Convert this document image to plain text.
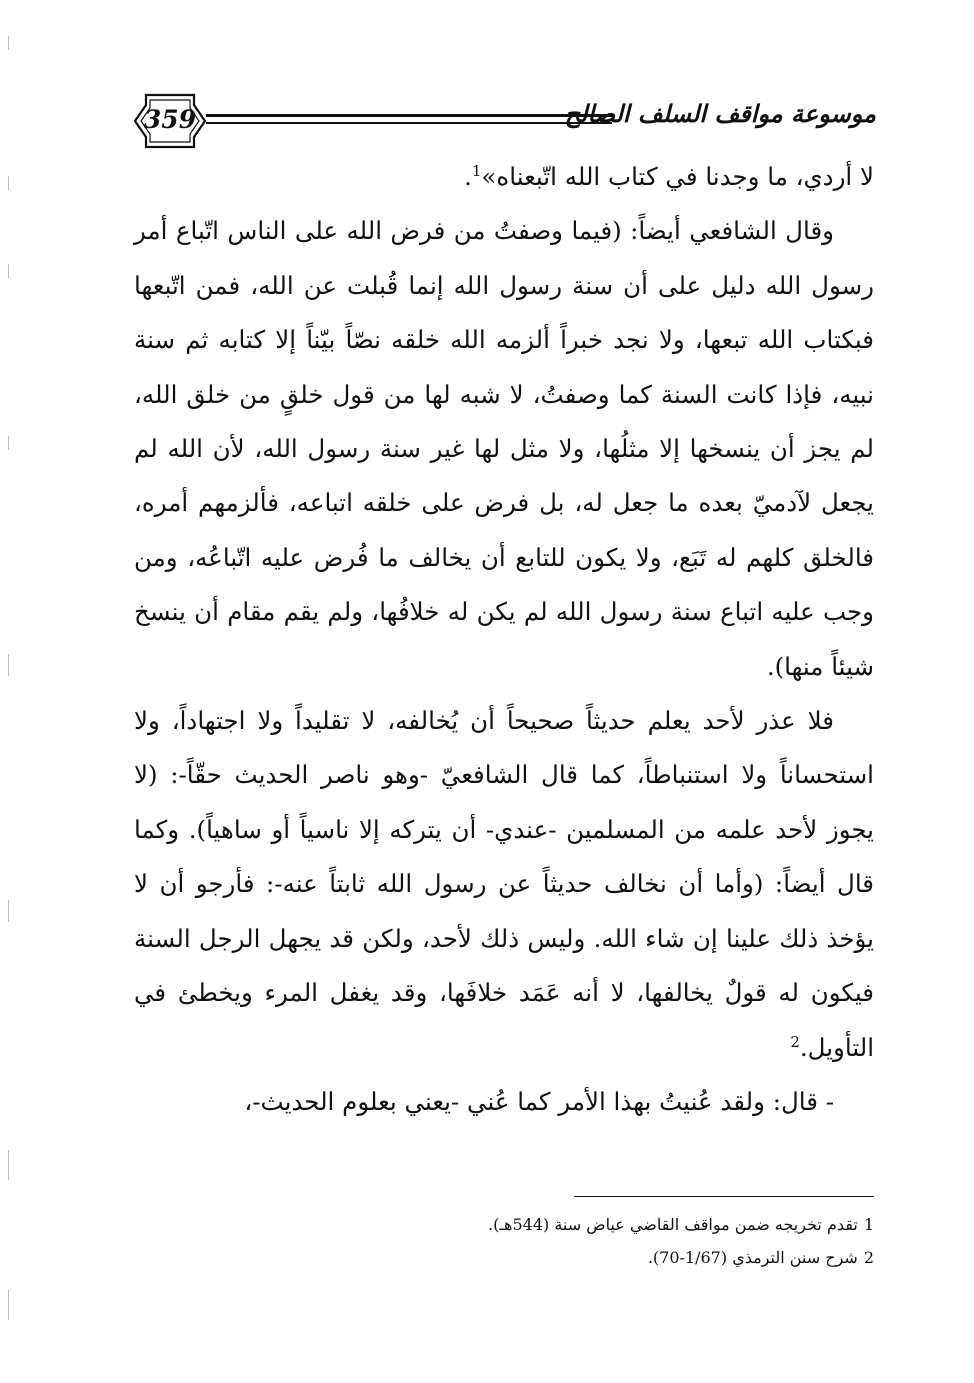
359	موسوعة مواقف السلف الصالح

لا أردي، ما وجدنا في كتاب الله اتّبعناه»$^1$.

وقال الشافعي أيضاً: (فيما وصفتُ من فرض الله على الناس اتّباع أمر رسول الله دليل على أن سنة رسول الله إنما قُبلت عن الله، فمن اتّبعها فبكتاب الله تبعها، ولا نجد خبراً ألزمه الله خلقه نصّاً بيّناً إلا كتابه ثم سنة نبيه، فإذا كانت السنة كما وصفتُ، لا شبه لها من قول خلقٍ من خلق الله، لم يجز أن ينسخها إلا مثلُها، ولا مثل لها غير سنة رسول الله، لأن الله لم يجعل لآدميّ بعده ما جعل له، بل فرض على خلقه اتباعه، فألزمهم أمره، فالخلق كلهم له تَبَع، ولا يكون للتابع أن يخالف ما فُرض عليه اتّباعُه، ومن وجب عليه اتباع سنة رسول الله لم يكن له خلافُها، ولم يقم مقام أن ينسخ شيئاً منها).

فلا عذر لأحد يعلم حديثاً صحيحاً أن يُخالفه، لا تقليداً ولا اجتهاداً، ولا استحساناً ولا استنباطاً، كما قال الشافعيّ -وهو ناصر الحديث حقّاً-: (لا يجوز لأحد علمه من المسلمين -عندي- أن يتركه إلا ناسياً أو ساهياً). وكما قال أيضاً: (وأما أن نخالف حديثاً عن رسول الله ثابتاً عنه-: فأرجو أن لا يؤخذ ذلك علينا إن شاء الله. وليس ذلك لأحد، ولكن قد يجهل الرجل السنة فيكون له قولٌ يخالفها، لا أنه عَمَد خلافَها، وقد يغفل المرء ويخطئ في التأويل.$^2$

- قال: ولقد عُنيتُ بهذا الأمر كما عُني -يعني بعلوم الحديث-،

1تقدم تخريجه ضمن مواقف القاضي عياض سنة (544هـ).

2شرح سنن الترمذي (1/67-70).
